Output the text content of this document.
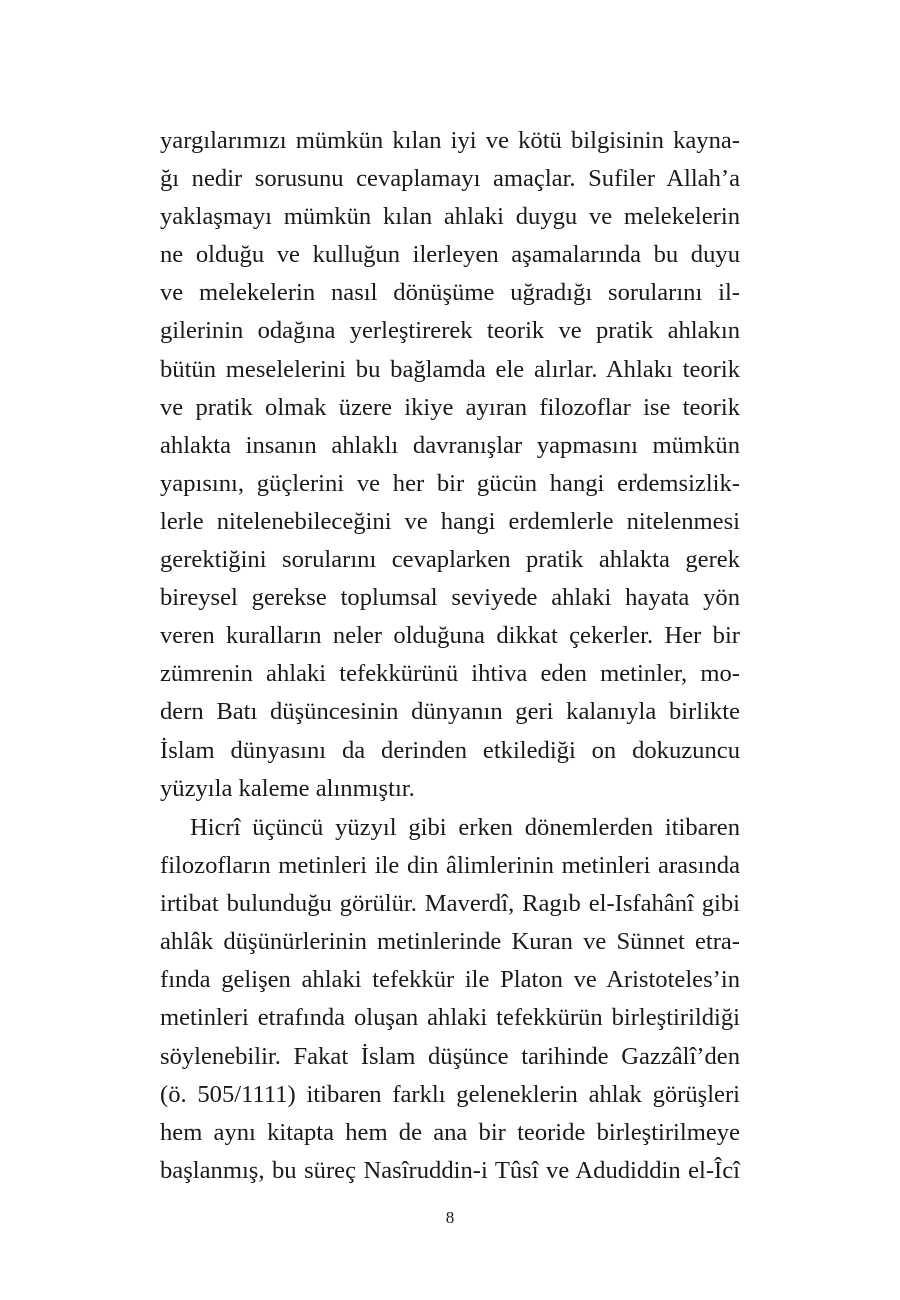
yargılarımızı mümkün kılan iyi ve kötü bilgisinin kayna-
ğı nedir sorusunu cevaplamayı amaçlar. Sufiler Allah’a
yaklaşmayı mümkün kılan ahlaki duygu ve melekelerin
ne olduğu ve kulluğun ilerleyen aşamalarında bu duyu
ve melekelerin nasıl dönüşüme uğradığı sorularını il-
gilerinin odağına yerleştirerek teorik ve pratik ahlakın
bütün meselelerini bu bağlamda ele alırlar. Ahlakı teorik
ve pratik olmak üzere ikiye ayıran filozoflar ise teorik
ahlakta insanın ahlaklı davranışlar yapmasını mümkün
yapısını, güçlerini ve her bir gücün hangi erdemsizlik-
lerle nitelenebileceğini ve hangi erdemlerle nitelenmesi
gerektiğini sorularını cevaplarken pratik ahlakta gerek
bireysel gerekse toplumsal seviyede ahlaki hayata yön
veren kuralların neler olduğuna dikkat çekerler. Her bir
zümrenin ahlaki tefekkürünü ihtiva eden metinler, mo-
dern Batı düşüncesinin dünyanın geri kalanıyla birlikte
İslam dünyasını da derinden etkilediği on dokuzuncu
yüzyıla kaleme alınmıştır.
Hicrî üçüncü yüzyıl gibi erken dönemlerden itibaren
filozofların metinleri ile din âlimlerinin metinleri arasında
irtibat bulunduğu görülür. Maverdî, Ragıb el-Isfahânî gibi
ahlâk düşünürlerinin metinlerinde Kuran ve Sünnet etra-
fında gelişen ahlaki tefekkür ile Platon ve Aristoteles’in
metinleri etrafında oluşan ahlaki tefekkürün birleştirildiği
söylenebilir. Fakat İslam düşünce tarihinde Gazzâlî’den
(ö. 505/1111) itibaren farklı geleneklerin ahlak görüşleri
hem aynı kitapta hem de ana bir teoride birleştirilmeye
başlanmış, bu süreç Nasîruddin-i Tûsî ve Adudiddin el-Îcî
8
